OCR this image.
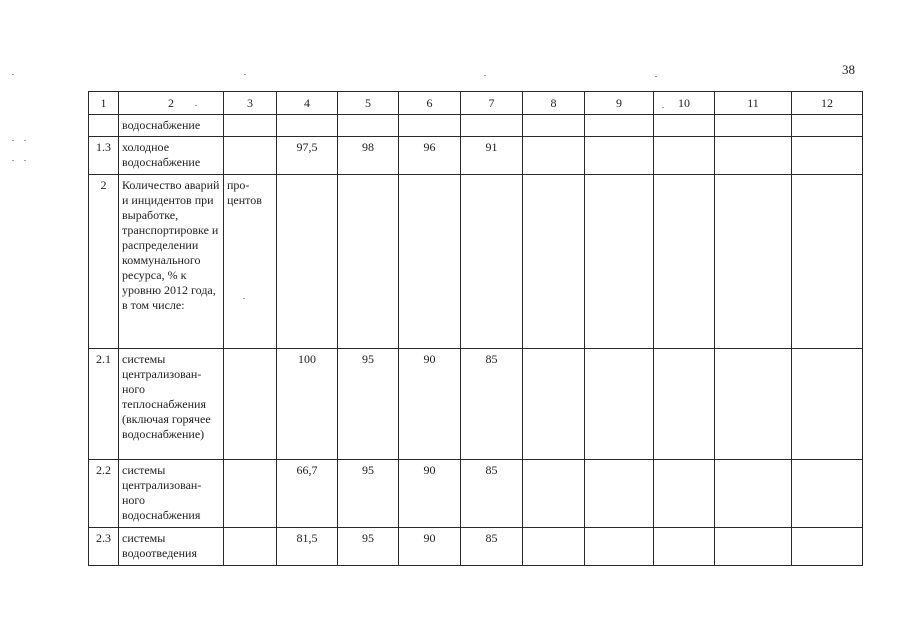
38
1	2	3	4	5	6	7	8	9	10	11	12
	водоснабжение										
1.3	холодное водоснабжение		97,5	98	96	91					
2	Количество аварий и инцидентов при выработке, транспортировке и распределении коммунального ресурса, % к уровню 2012 года, в том числе:	про-центов									
2.1	системы централизован-ного теплоснабжения (включая горячее водоснабжение)		100	95	90	85					
2.2	системы централизован-ного водоснабжения		66,7	95	90	85					
2.3	системы водоотведения		81,5	95	90	85					
